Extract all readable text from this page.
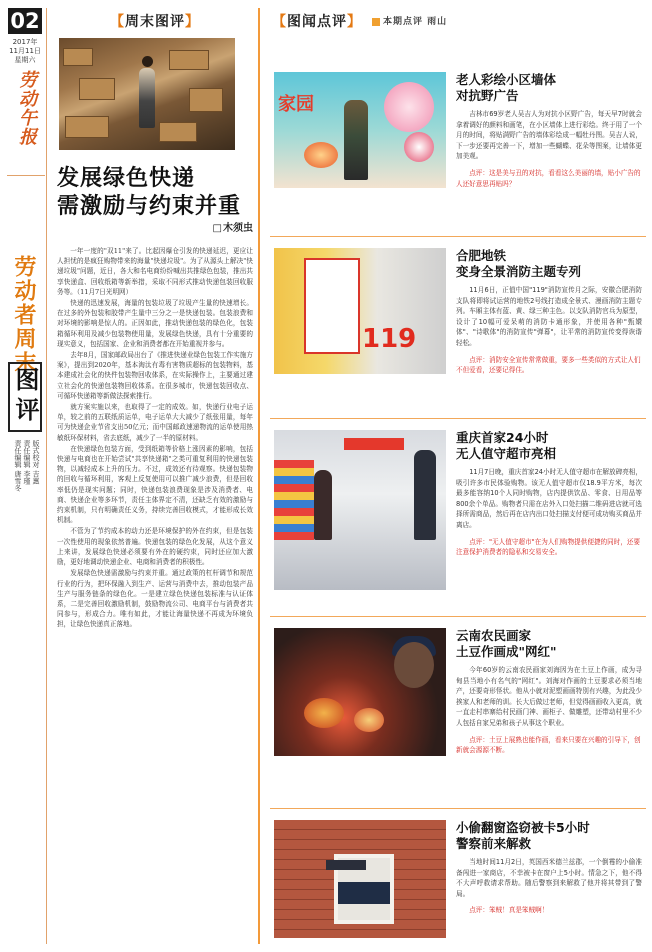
02
2017年
11月11日
星期六
劳动午报
劳动者周末
图评
版式校对 吉惠
责任编辑 李瑾
责任编辑 唐雪冬
【 周末图评 】
发展绿色快递
需激励与约束并重
□ 木须虫

一年一度的"双11"来了。比起因爆仓引发的快递延迟，更应让人担忧的是疯狂购物带来的海量"快递垃圾"。为了从源头上解决"快递垃圾"问题，近日，各大和名电商纷纷喊出共推绿色包装，推出共享快递盒、回收纸箱等新举措，采取不同形式推动快递包装回收服务等。（11月7日光明网）

快递的迅速发展，海量的包装垃圾了垃圾产生量的快速增长。在过多的外包装和胶带产生量中三分之一是快递包装。包装浪费和对环境的影响是惊人的。正因如此，推动快递包装的绿色化，包装箱循环利用及减少包装物使用量，发展绿色快递，具有十分重要的现实意义，包括国家、企业和消费者都在开始重视并参与。

去年8月，国家邮政局出台了《推进快递业绿色包装工作实施方案》，提出到2020年，基本淘汰有毒有害物质超标的包装物料，基本建成社会化的快件包装物回收体系，在实际操作上，主要通过建立社会化的快递包装物回收体系。在很多城市，快递包装回收点、可循环快递箱等新做法探索推行。

就方案实施以来，也取得了一定的成效。如，快递行业电子运单，较之前的五联纸质运单，电子运单大大减少了纸张用量，每年可为快递企业节省支出50亿元；而中国邮政速递物流的运单使用热敏纸环保材料，省去底纸，减少了一半的原材料。

在快递绿色包装方面，受到纸箱等价格上涨因素的影响，包括快递与电商也在开始尝试"共享快递箱"之类可重复利用的快递包装物，以减轻成本上升的压力。不过，成效还有待观察。快递包装物的回收与循环利用，客观上反复使用可以推广减少浪费，但是回收率低仍是现实问题；同时，快递包装浪费现象是涉及消费者、电商、快递企业等多环节，责任主体界定不清，还缺乏有效的激励与约束机制，只有明确责任义务，持续完善回收模式，才能形成长效机制。

不管为了节约成本的动力还是环境保护的外在约束，但是包装一次性使用的现象依然普遍。快递包装的绿色化发展，从这个意义上来讲，发展绿色快递必须要有外在的硬约束，同时还应加大激励，更好地调动快递企业、电商和消费者的积极性。

发展绿色快递需激励与约束并重。通过政策的杠杆调节和规范行业的行为，把环保融入到生产、运营与消费中去，推动包装产品生产与服务链条的绿色化。一是建立绿色快递包装标准与认证体系，二是完善回收激励机制，鼓励物流公司、电商平台与消费者共同参与，形成合力。唯有如此，才能让海量快递不再成为环境负担，让绿色快递真正落地。

【 图闻点评 】 本期点评 雨山
家园
老人彩绘小区墙体
对抗野广告
吉林市69岁老人吴吉人为对抗小区野广告，每天早7时就会拿着调好的颜料和画笔，在小区墙体上进行彩绘。终于用了一个月的时间，将贴满野广告的墙体彩绘成一幅牡丹图。吴吉人说，下一步还要再完善一下，增加一些蝴蝶、花朵等图案，让墙体更加美观。
点评：这是美与丑的对抗，看看这么美丽的墙，贴小广告的人还好意思再贴吗？
119
合肥地铁
变身全景消防主题专列
11月6日，正值中国"119"消防宣传月之际，安徽合肥消防支队将即将试运营的地铁2号线打造成全景式、漫画消防主题专列。车厢主体有蓝、黄、绿三种主色。以支队消防官兵为原型，设计了10幅可爱呆萌的消防卡通形象，并使用各种"甄嬛体"、"诗歌体"的消防宣传"弹幕"，让平常的消防宣传变得诙谐轻松。
点评：消防安全宣传常常做重，要多一些类似的方式让人们不但爱看，还要记得住。
重庆首家24小时
无人值守超市亮相
11月7日晚，重庆首家24小时无人值守超市在解放碑亮相，吸引许多市民体验购物。该无人值守超市仅18.9平方米，每次最多能容纳10个人同时购物，店内提供饮品、零食、日用品等800余个单品。购物者只需在店外入口处扫描二维码进店就可选择所需商品，然后再在店内出口处扫描支付便可成功购买商品并离店。
点评："无人值守超市"在为人们购物提供便捷的同时，还要注意保护消费者的隐私和交易安全。
云南农民画家
土豆作画成"网红"
今年60岁的云南农民画家刘海因为在土豆上作画，成为寻甸县当地小有名气的"网红"。刘海对作画的土豆要求必须当地产，还要奇形怪状。他从小就对泥塑画画特别有兴趣，为此没少挨家人和老师的训。长大后做过老师，但觉得画画收入更高，就一直走村串寨给村民画门神、画柜子、做雕塑，还带动村里不少人包括自家兄弟和孩子从事这个职业。
点评：土豆上展熟也能作画，看来只要在兴趣的引导下，创新就会源源不断。
小偷翻窗盗窃被卡5小时
警察前来解救
当地时间11月2日，英国西米德兰兹郡，一个倒霉的小偷准备闯进一家商店，不幸被卡在窗户上5小时。情急之下，他不得不大声呼救请求帮助。随后警察到来解救了他并将其带到了警局。
点评：笨贼！真是笨贼啊！
